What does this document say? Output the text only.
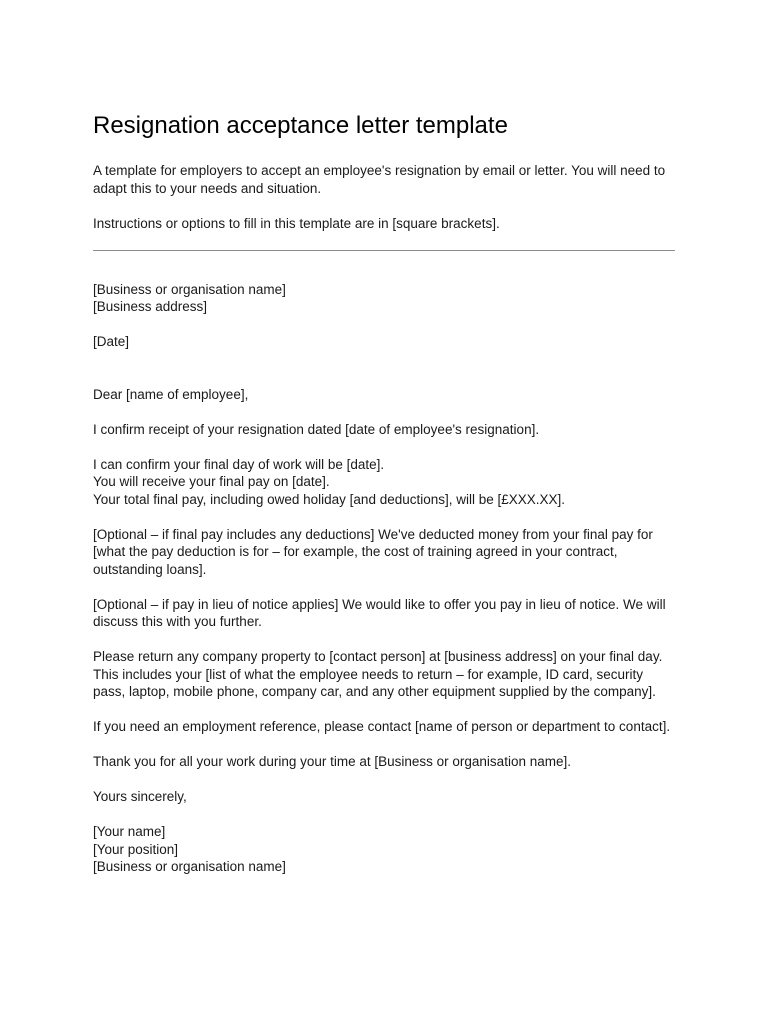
Resignation acceptance letter template

A template for employers to accept an employee's resignation by email or letter. You will need to adapt this to your needs and situation.

Instructions or options to fill in this template are in [square brackets].

[Business or organisation name]
[Business address]

[Date]

Dear [name of employee],

I confirm receipt of your resignation dated [date of employee's resignation].

I can confirm your final day of work will be [date].
You will receive your final pay on [date].
Your total final pay, including owed holiday [and deductions], will be [£XXX.XX].

[Optional – if final pay includes any deductions] We've deducted money from your final pay for [what the pay deduction is for – for example, the cost of training agreed in your contract, outstanding loans].

[Optional – if pay in lieu of notice applies] We would like to offer you pay in lieu of notice. We will discuss this with you further.

Please return any company property to [contact person] at [business address] on your final day. This includes your [list of what the employee needs to return – for example, ID card, security pass, laptop, mobile phone, company car, and any other equipment supplied by the company].

If you need an employment reference, please contact [name of person or department to contact].

Thank you for all your work during your time at [Business or organisation name].

Yours sincerely,

[Your name]
[Your position]
[Business or organisation name]
